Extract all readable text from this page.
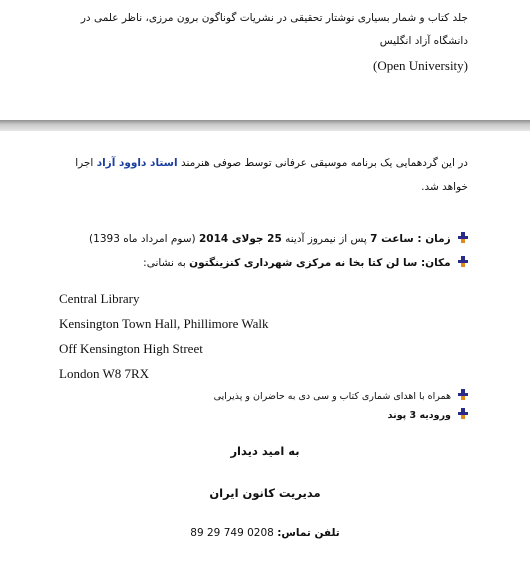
جلد کتاب و شمار بسیاری نوشتار تحقیقی در نشریات گوناگون برون مرزی، ناظر علمی در
دانشگاه آزاد انگلیس
(Open University)
در این گردهمایی یک برنامه موسیقی عرفانی توسط صوفی هنرمند استاد داوود آزاد اجرا
خواهد شد.
زمان : ساعت 7 پس از نیمروز آدینه 25 جولای 2014 (سوم امرداد ماه 1393)
مکان: سا لن کتا بخا نه مرکزی شهرداری کنزینگتون به نشانی:
Central Library
Kensington Town Hall, Phillimore Walk
Off Kensington High Street
London W8 7RX
همراه با اهدای شماری کتاب و سی دی به حاضران و پذیرایی
ورودیه 3 پوند
به امید دیدار
مدیریت کانون ایران
تلفن تماس: 0208 749 29 89
